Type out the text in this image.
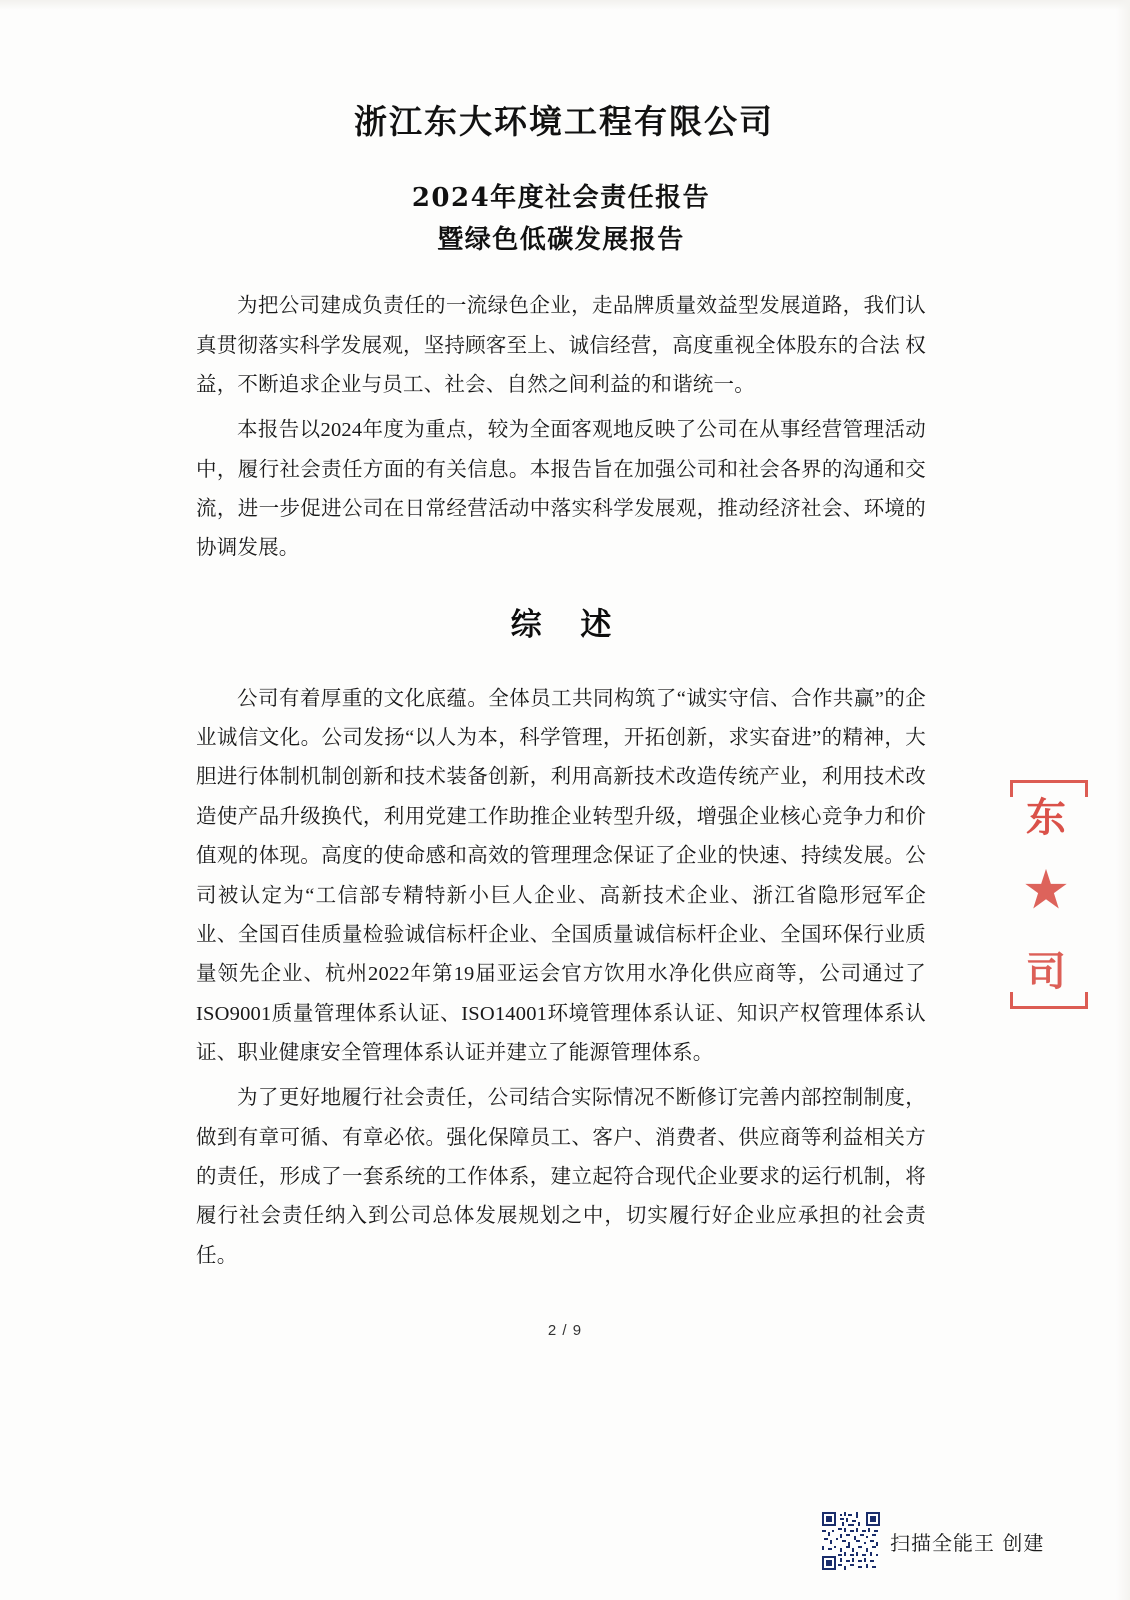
浙江东大环境工程有限公司
2024年度社会责任报告
暨绿色低碳发展报告

为把公司建成负责任的一流绿色企业，走品牌质量效益型发展道路，我们认真贯彻落实科学发展观，坚持顾客至上、诚信经营，高度重视全体股东的合法 权益，不断追求企业与员工、社会、自然之间利益的和谐统一。

本报告以2024年度为重点，较为全面客观地反映了公司在从事经营管理活动中，履行社会责任方面的有关信息。本报告旨在加强公司和社会各界的沟通和交流，进一步促进公司在日常经营活动中落实科学发展观，推动经济社会、环境的协调发展。

综 述

公司有着厚重的文化底蕴。全体员工共同构筑了“诚实守信、合作共赢”的企业诚信文化。公司发扬“以人为本，科学管理，开拓创新，求实奋进”的精神，大胆进行体制机制创新和技术装备创新，利用高新技术改造传统产业，利用技术改造使产品升级换代，利用党建工作助推企业转型升级，增强企业核心竞争力和价值观的体现。高度的使命感和高效的管理理念保证了企业的快速、持续发展。公司被认定为“工信部专精特新小巨人企业、高新技术企业、浙江省隐形冠军企业、全国百佳质量检验诚信标杆企业、全国质量诚信标杆企业、全国环保行业质量领先企业、杭州2022年第19届亚运会官方饮用水净化供应商等，公司通过了ISO9001质量管理体系认证、ISO14001环境管理体系认证、知识产权管理体系认证、职业健康安全管理体系认证并建立了能源管理体系。

为了更好地履行社会责任，公司结合实际情况不断修订完善内部控制制度，做到有章可循、有章必依。强化保障员工、客户、消费者、供应商等利益相关方的责任，形成了一套系统的工作体系，建立起符合现代企业要求的运行机制，将履行社会责任纳入到公司总体发展规划之中，切实履行好企业应承担的社会责任。

2 / 9
东
司
扫描全能王 创建
